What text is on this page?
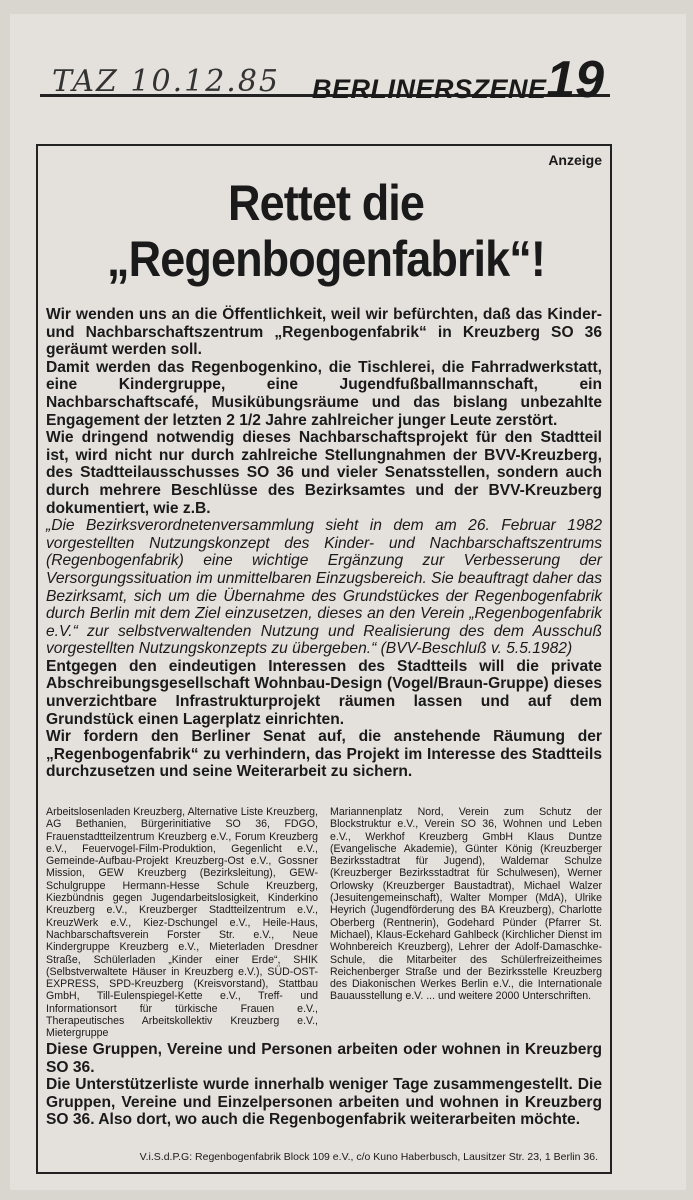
TAZ 10.12.85 BERLINERSZENE 19
Anzeige
Rettet die
„Regenbogenfabrik“!

Wir wenden uns an die Öffentlichkeit, weil wir befürchten, daß das Kinder- und Nachbarschaftszentrum „Regenbogenfabrik“ in Kreuzberg SO 36 geräumt werden soll.

Damit werden das Regenbogenkino, die Tischlerei, die Fahrradwerkstatt, eine Kindergruppe, eine Jugendfußballmannschaft, ein Nachbarschaftscafé, Musikübungsräume und das bislang unbezahlte Engagement der letzten 2 1/2 Jahre zahlreicher junger Leute zerstört.

Wie dringend notwendig dieses Nachbarschaftsprojekt für den Stadtteil ist, wird nicht nur durch zahlreiche Stellungnahmen der BVV-Kreuzberg, des Stadtteilausschusses SO 36 und vieler Senatsstellen, sondern auch durch mehrere Beschlüsse des Bezirksamtes und der BVV-Kreuzberg dokumentiert, wie z.B.

„Die Bezirksverordnetenversammlung sieht in dem am 26. Februar 1982 vorgestellten Nutzungskonzept des Kinder- und Nachbarschaftszentrums (Regenbogenfabrik) eine wichtige Ergänzung zur Verbesserung der Versorgungssituation im unmittelbaren Einzugsbereich. Sie beauftragt daher das Bezirksamt, sich um die Übernahme des Grundstückes der Regenbogenfabrik durch Berlin mit dem Ziel einzusetzen, dieses an den Verein „Regenbogenfabrik e.V.“ zur selbstverwaltenden Nutzung und Realisierung des dem Ausschuß vorgestellten Nutzungskonzepts zu übergeben.“ (BVV-Beschluß v. 5.5.1982)

Entgegen den eindeutigen Interessen des Stadtteils will die private Abschreibungsgesellschaft Wohnbau-Design (Vogel/Braun-Gruppe) dieses unverzichtbare Infrastrukturprojekt räumen lassen und auf dem Grundstück einen Lagerplatz einrichten.

Wir fordern den Berliner Senat auf, die anstehende Räumung der „Regenbogenfabrik“ zu verhindern, das Projekt im Interesse des Stadtteils durchzusetzen und seine Weiterarbeit zu sichern.

Arbeitslosenladen Kreuzberg, Alternative Liste Kreuzberg, AG Bethanien, Bürgerinitiative SO 36, FDGO, Frauenstadtteilzentrum Kreuzberg e.V., Forum Kreuzberg e.V., Feuervogel-Film-Produktion, Gegenlicht e.V., Gemeinde-Aufbau-Projekt Kreuzberg-Ost e.V., Gossner Mission, GEW Kreuzberg (Bezirksleitung), GEW-Schulgruppe Hermann-Hesse Schule Kreuzberg, Kiezbündnis gegen Jugendarbeitslosigkeit, Kinderkino Kreuzberg e.V., Kreuzberger Stadtteilzentrum e.V., KreuzWerk e.V., Kiez-Dschungel e.V., Heile-Haus, Nachbarschaftsverein Forster Str. e.V., Neue Kindergruppe Kreuzberg e.V., Mieterladen Dresdner Straße, Schülerladen „Kinder einer Erde“, SHIK (Selbstverwaltete Häuser in Kreuzberg e.V.), SÜD-OST-EXPRESS, SPD-Kreuzberg (Kreisvorstand), Stattbau GmbH, Till-Eulenspiegel-Kette e.V., Treff- und Informationsort für türkische Frauen e.V., Therapeutisches Arbeitskollektiv Kreuzberg e.V., Mietergruppe
Mariannenplatz Nord, Verein zum Schutz der Blockstruktur e.V., Verein SO 36, Wohnen und Leben e.V., Werkhof Kreuzberg GmbH Klaus Duntze (Evangelische Akademie), Günter König (Kreuzberger Bezirksstadtrat für Jugend), Waldemar Schulze (Kreuzberger Bezirksstadtrat für Schulwesen), Werner Orlowsky (Kreuzberger Baustadtrat), Michael Walzer (Jesuitengemeinschaft), Walter Momper (MdA), Ulrike Heyrich (Jugendförderung des BA Kreuzberg), Charlotte Oberberg (Rentnerin), Godehard Pünder (Pfarrer St. Michael), Klaus-Eckehard Gahlbeck (Kirchlicher Dienst im Wohnbereich Kreuzberg), Lehrer der Adolf-Damaschke-Schule, die Mitarbeiter des Schülerfreizeitheimes Reichenberger Straße und der Bezirksstelle Kreuzberg des Diakonischen Werkes Berlin e.V., die Internationale Bauausstellung e.V. ... und weitere 2000 Unterschriften.

Diese Gruppen, Vereine und Personen arbeiten oder wohnen in Kreuzberg SO 36.

Die Unterstützerliste wurde innerhalb weniger Tage zusammengestellt. Die Gruppen, Vereine und Einzelpersonen arbeiten und wohnen in Kreuzberg SO 36. Also dort, wo auch die Regenbogenfabrik weiterarbeiten möchte.

V.i.S.d.P.G: Regenbogenfabrik Block 109 e.V., c/o Kuno Haberbusch, Lausitzer Str. 23, 1 Berlin 36.
